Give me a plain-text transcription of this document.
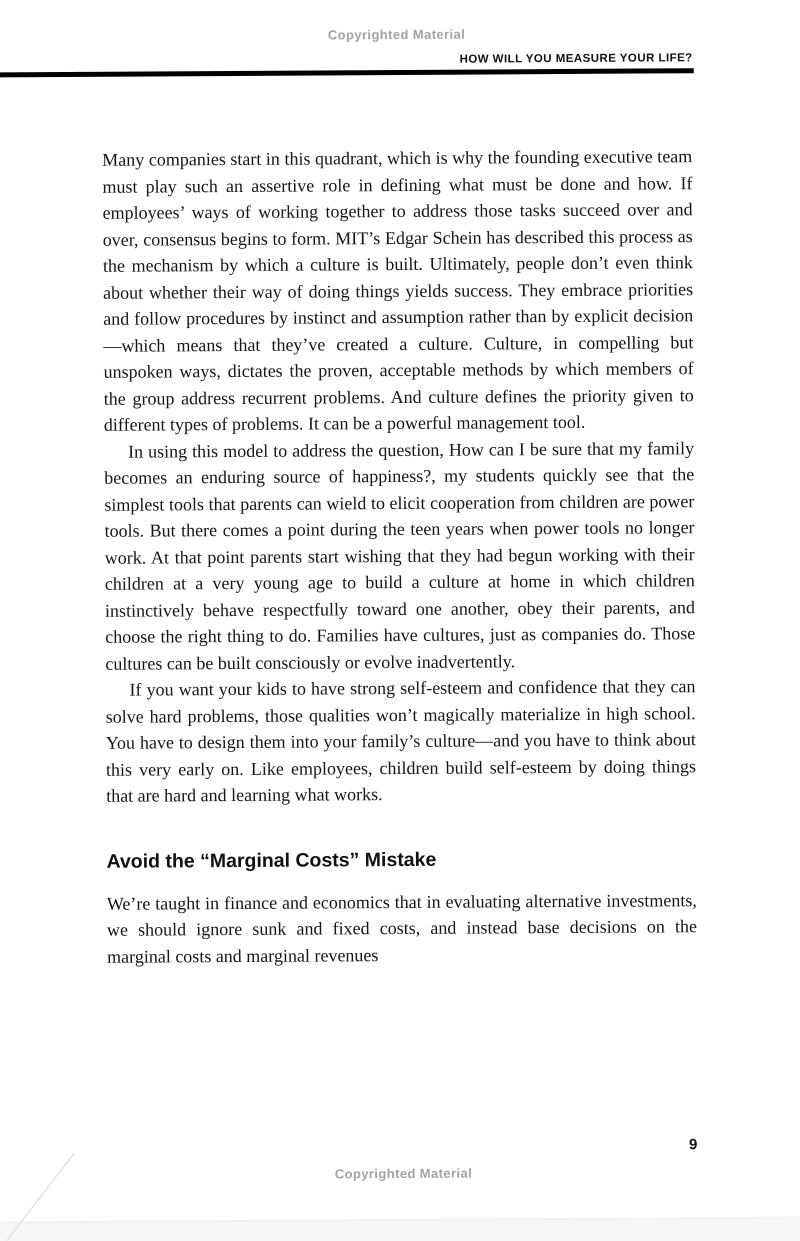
Copyrighted Material
HOW WILL YOU MEASURE YOUR LIFE?

Many companies start in this quadrant, which is why the founding executive team must play such an assertive role in defining what must be done and how. If employees’ ways of working together to address those tasks succeed over and over, consensus begins to form. MIT’s Edgar Schein has described this process as the mechanism by which a culture is built. Ultimately, people don’t even think about whether their way of doing things yields success. They embrace priorities and follow procedures by instinct and assumption rather than by explicit decision—which means that they’ve created a culture. Culture, in compelling but unspoken ways, dictates the proven, acceptable methods by which members of the group address recurrent problems. And culture defines the priority given to different types of problems. It can be a powerful management tool.

In using this model to address the question, How can I be sure that my family becomes an enduring source of happiness?, my students quickly see that the simplest tools that parents can wield to elicit cooperation from children are power tools. But there comes a point during the teen years when power tools no longer work. At that point parents start wishing that they had begun working with their children at a very young age to build a culture at home in which children instinctively behave respectfully toward one another, obey their parents, and choose the right thing to do. Families have cultures, just as companies do. Those cultures can be built consciously or evolve inadvertently.

If you want your kids to have strong self-esteem and confidence that they can solve hard problems, those qualities won’t magically materialize in high school. You have to design them into your family’s culture—and you have to think about this very early on. Like employees, children build self-esteem by doing things that are hard and learning what works.

Avoid the “Marginal Costs” Mistake

We’re taught in finance and economics that in evaluating alternative investments, we should ignore sunk and fixed costs, and instead base decisions on the marginal costs and marginal revenues

9
Copyrighted Material
